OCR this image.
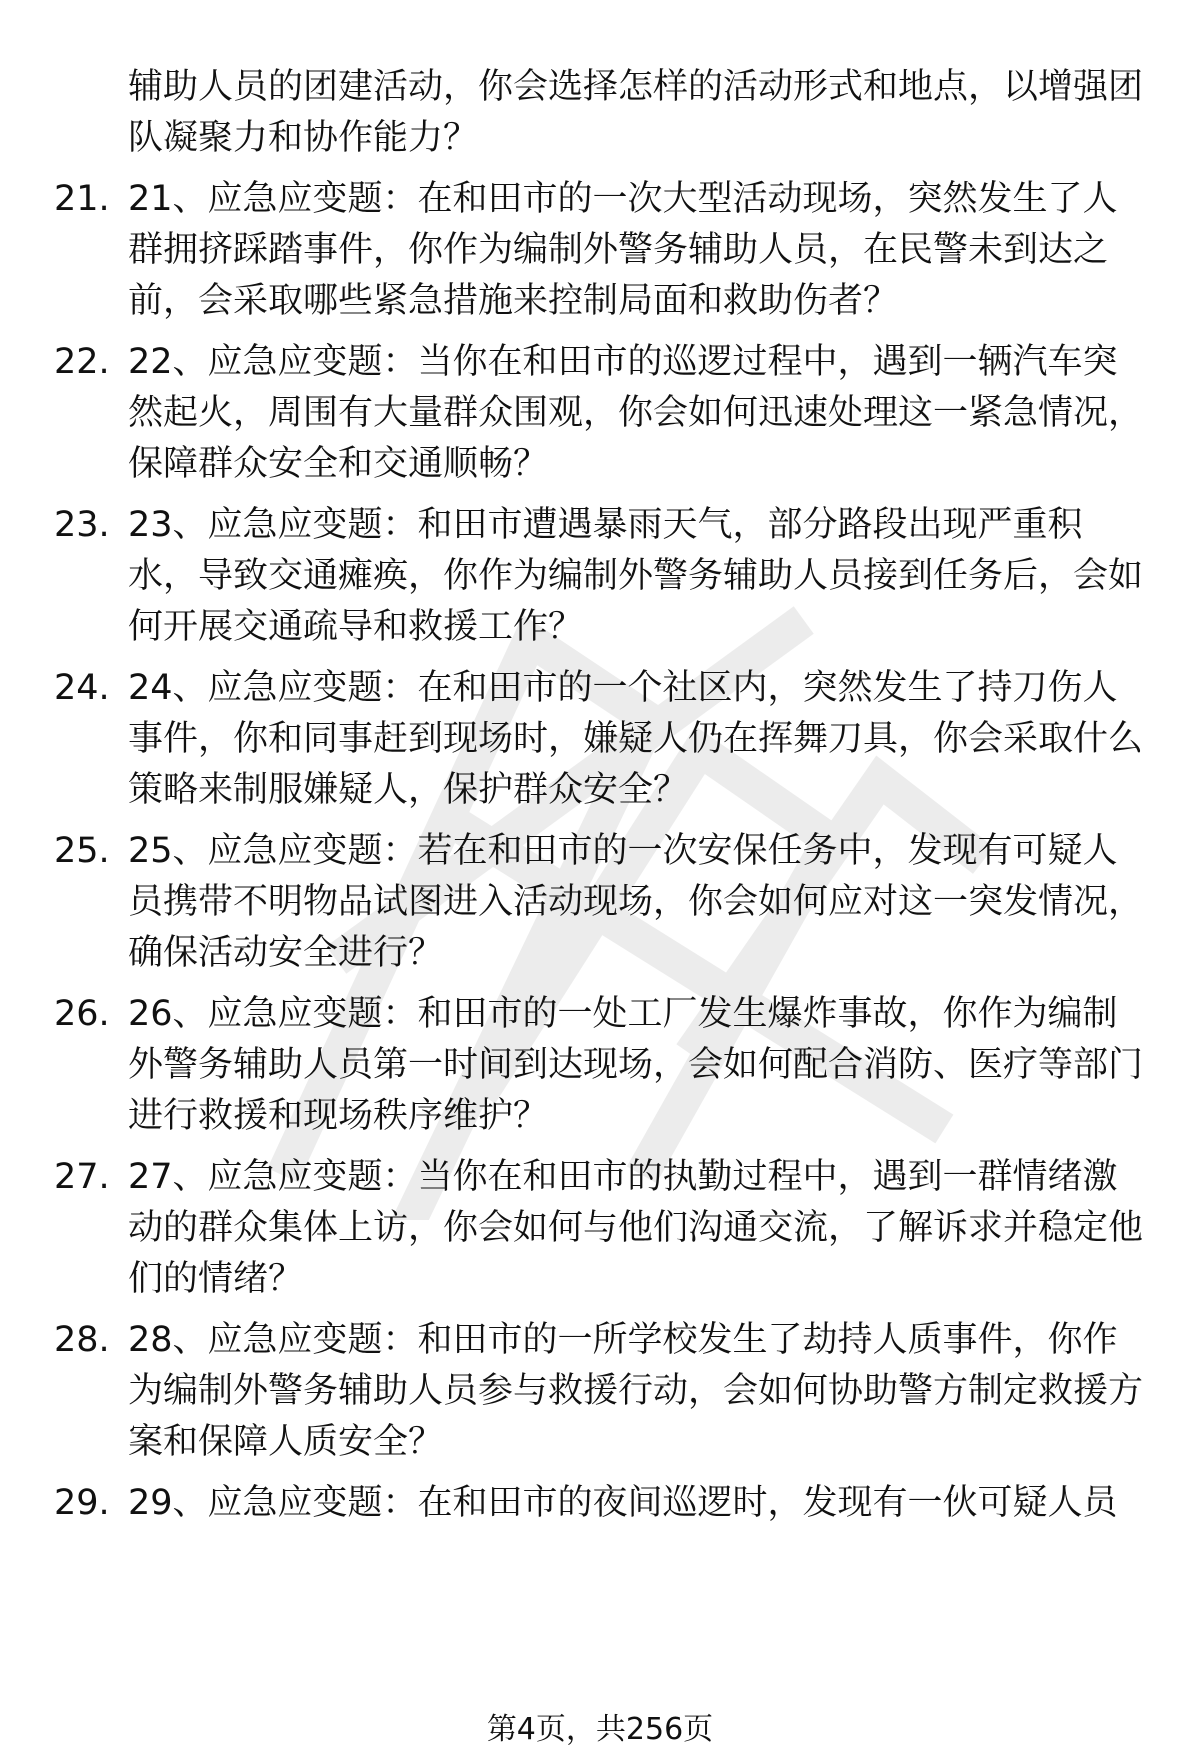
辅助人员的团建活动，你会选择怎样的活动形式和地点，以增强团队凝聚力和协作能力？

21. 21、应急应变题：在和田市的一次大型活动现场，突然发生了人群拥挤踩踏事件，你作为编制外警务辅助人员，在民警未到达之前，会采取哪些紧急措施来控制局面和救助伤者？

22. 22、应急应变题：当你在和田市的巡逻过程中，遇到一辆汽车突然起火，周围有大量群众围观，你会如何迅速处理这一紧急情况，保障群众安全和交通顺畅？

23. 23、应急应变题：和田市遭遇暴雨天气，部分路段出现严重积水，导致交通瘫痪，你作为编制外警务辅助人员接到任务后，会如何开展交通疏导和救援工作？

24. 24、应急应变题：在和田市的一个社区内，突然发生了持刀伤人事件，你和同事赶到现场时，嫌疑人仍在挥舞刀具，你会采取什么策略来制服嫌疑人，保护群众安全？

25. 25、应急应变题：若在和田市的一次安保任务中，发现有可疑人员携带不明物品试图进入活动现场，你会如何应对这一突发情况，确保活动安全进行？

26. 26、应急应变题：和田市的一处工厂发生爆炸事故，你作为编制外警务辅助人员第一时间到达现场，会如何配合消防、医疗等部门进行救援和现场秩序维护？

27. 27、应急应变题：当你在和田市的执勤过程中，遇到一群情绪激动的群众集体上访，你会如何与他们沟通交流，了解诉求并稳定他们的情绪？

28. 28、应急应变题：和田市的一所学校发生了劫持人质事件，你作为编制外警务辅助人员参与救援行动，会如何协助警方制定救援方案和保障人质安全？

29. 29、应急应变题：在和田市的夜间巡逻时，发现有一伙可疑人员

第4页，共256页
